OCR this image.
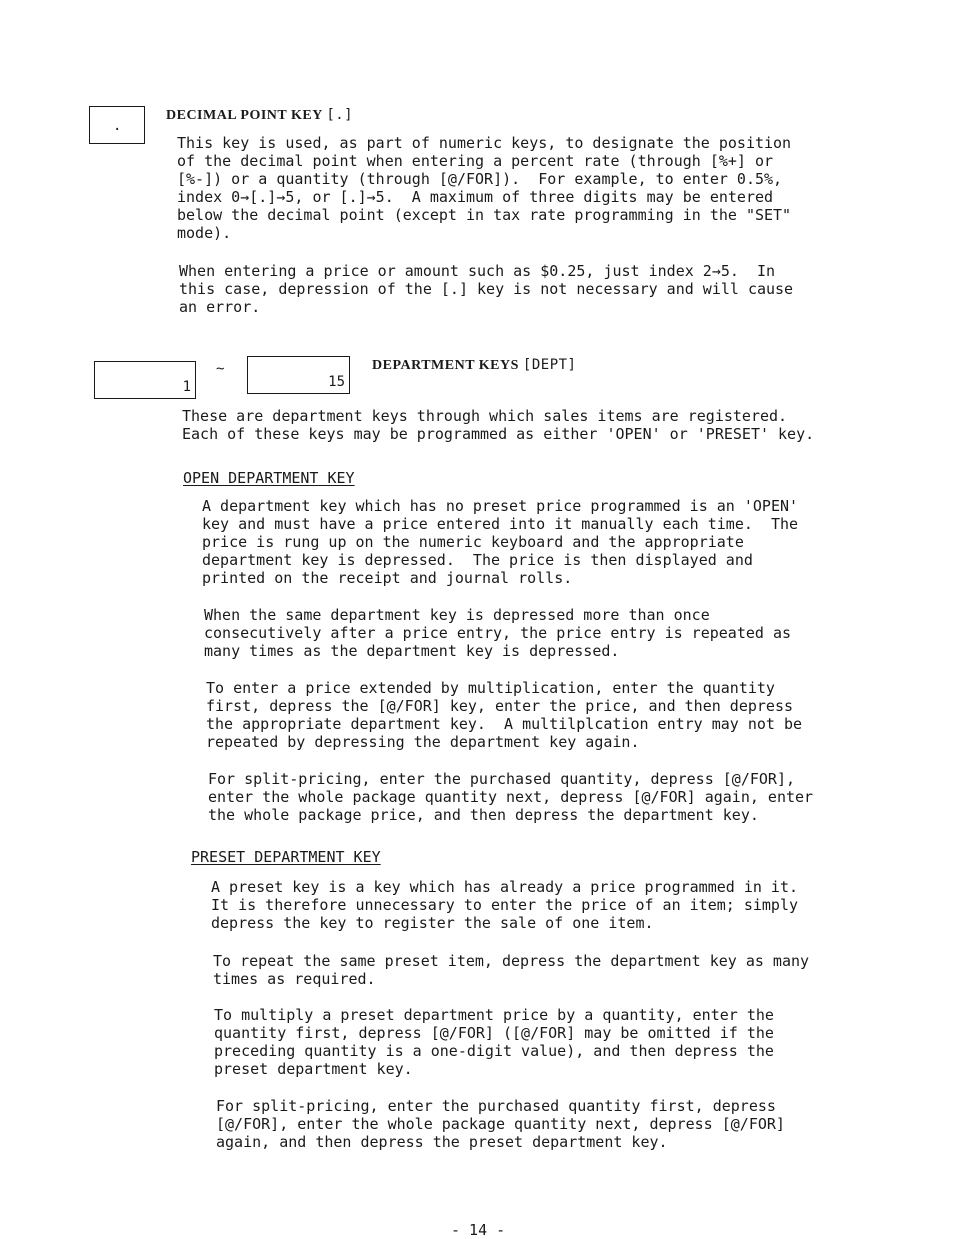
.
DECIMAL POINT KEY [.]
This key is used, as part of numeric keys, to designate the position
of the decimal point when entering a percent rate (through [%+] or
[%-]) or a quantity (through [@/FOR]).  For example, to enter 0.5%,
index 0→[.]→5, or [.]→5.  A maximum of three digits may be entered
below the decimal point (except in tax rate programming in the "SET"
mode).
When entering a price or amount such as $0.25, just index 2→5.  In
this case, depression of the [.] key is not necessary and will cause
an error.
1
~
15
DEPARTMENT KEYS [DEPT]
These are department keys through which sales items are registered.
Each of these keys may be programmed as either 'OPEN' or 'PRESET' key.
OPEN DEPARTMENT KEY
A department key which has no preset price programmed is an 'OPEN'
key and must have a price entered into it manually each time.  The
price is rung up on the numeric keyboard and the appropriate
department key is depressed.  The price is then displayed and
printed on the receipt and journal rolls.
When the same department key is depressed more than once
consecutively after a price entry, the price entry is repeated as
many times as the department key is depressed.
To enter a price extended by multiplication, enter the quantity
first, depress the [@/FOR] key, enter the price, and then depress
the appropriate department key.  A multilplcation entry may not be
repeated by depressing the department key again.
For split-pricing, enter the purchased quantity, depress [@/FOR],
enter the whole package quantity next, depress [@/FOR] again, enter
the whole package price, and then depress the department key.
PRESET DEPARTMENT KEY
A preset key is a key which has already a price programmed in it.
It is therefore unnecessary to enter the price of an item; simply
depress the key to register the sale of one item.
To repeat the same preset item, depress the department key as many
times as required.
To multiply a preset department price by a quantity, enter the
quantity first, depress [@/FOR] ([@/FOR] may be omitted if the
preceding quantity is a one-digit value), and then depress the
preset department key.
For split-pricing, enter the purchased quantity first, depress
[@/FOR], enter the whole package quantity next, depress [@/FOR]
again, and then depress the preset department key.
- 14 -
